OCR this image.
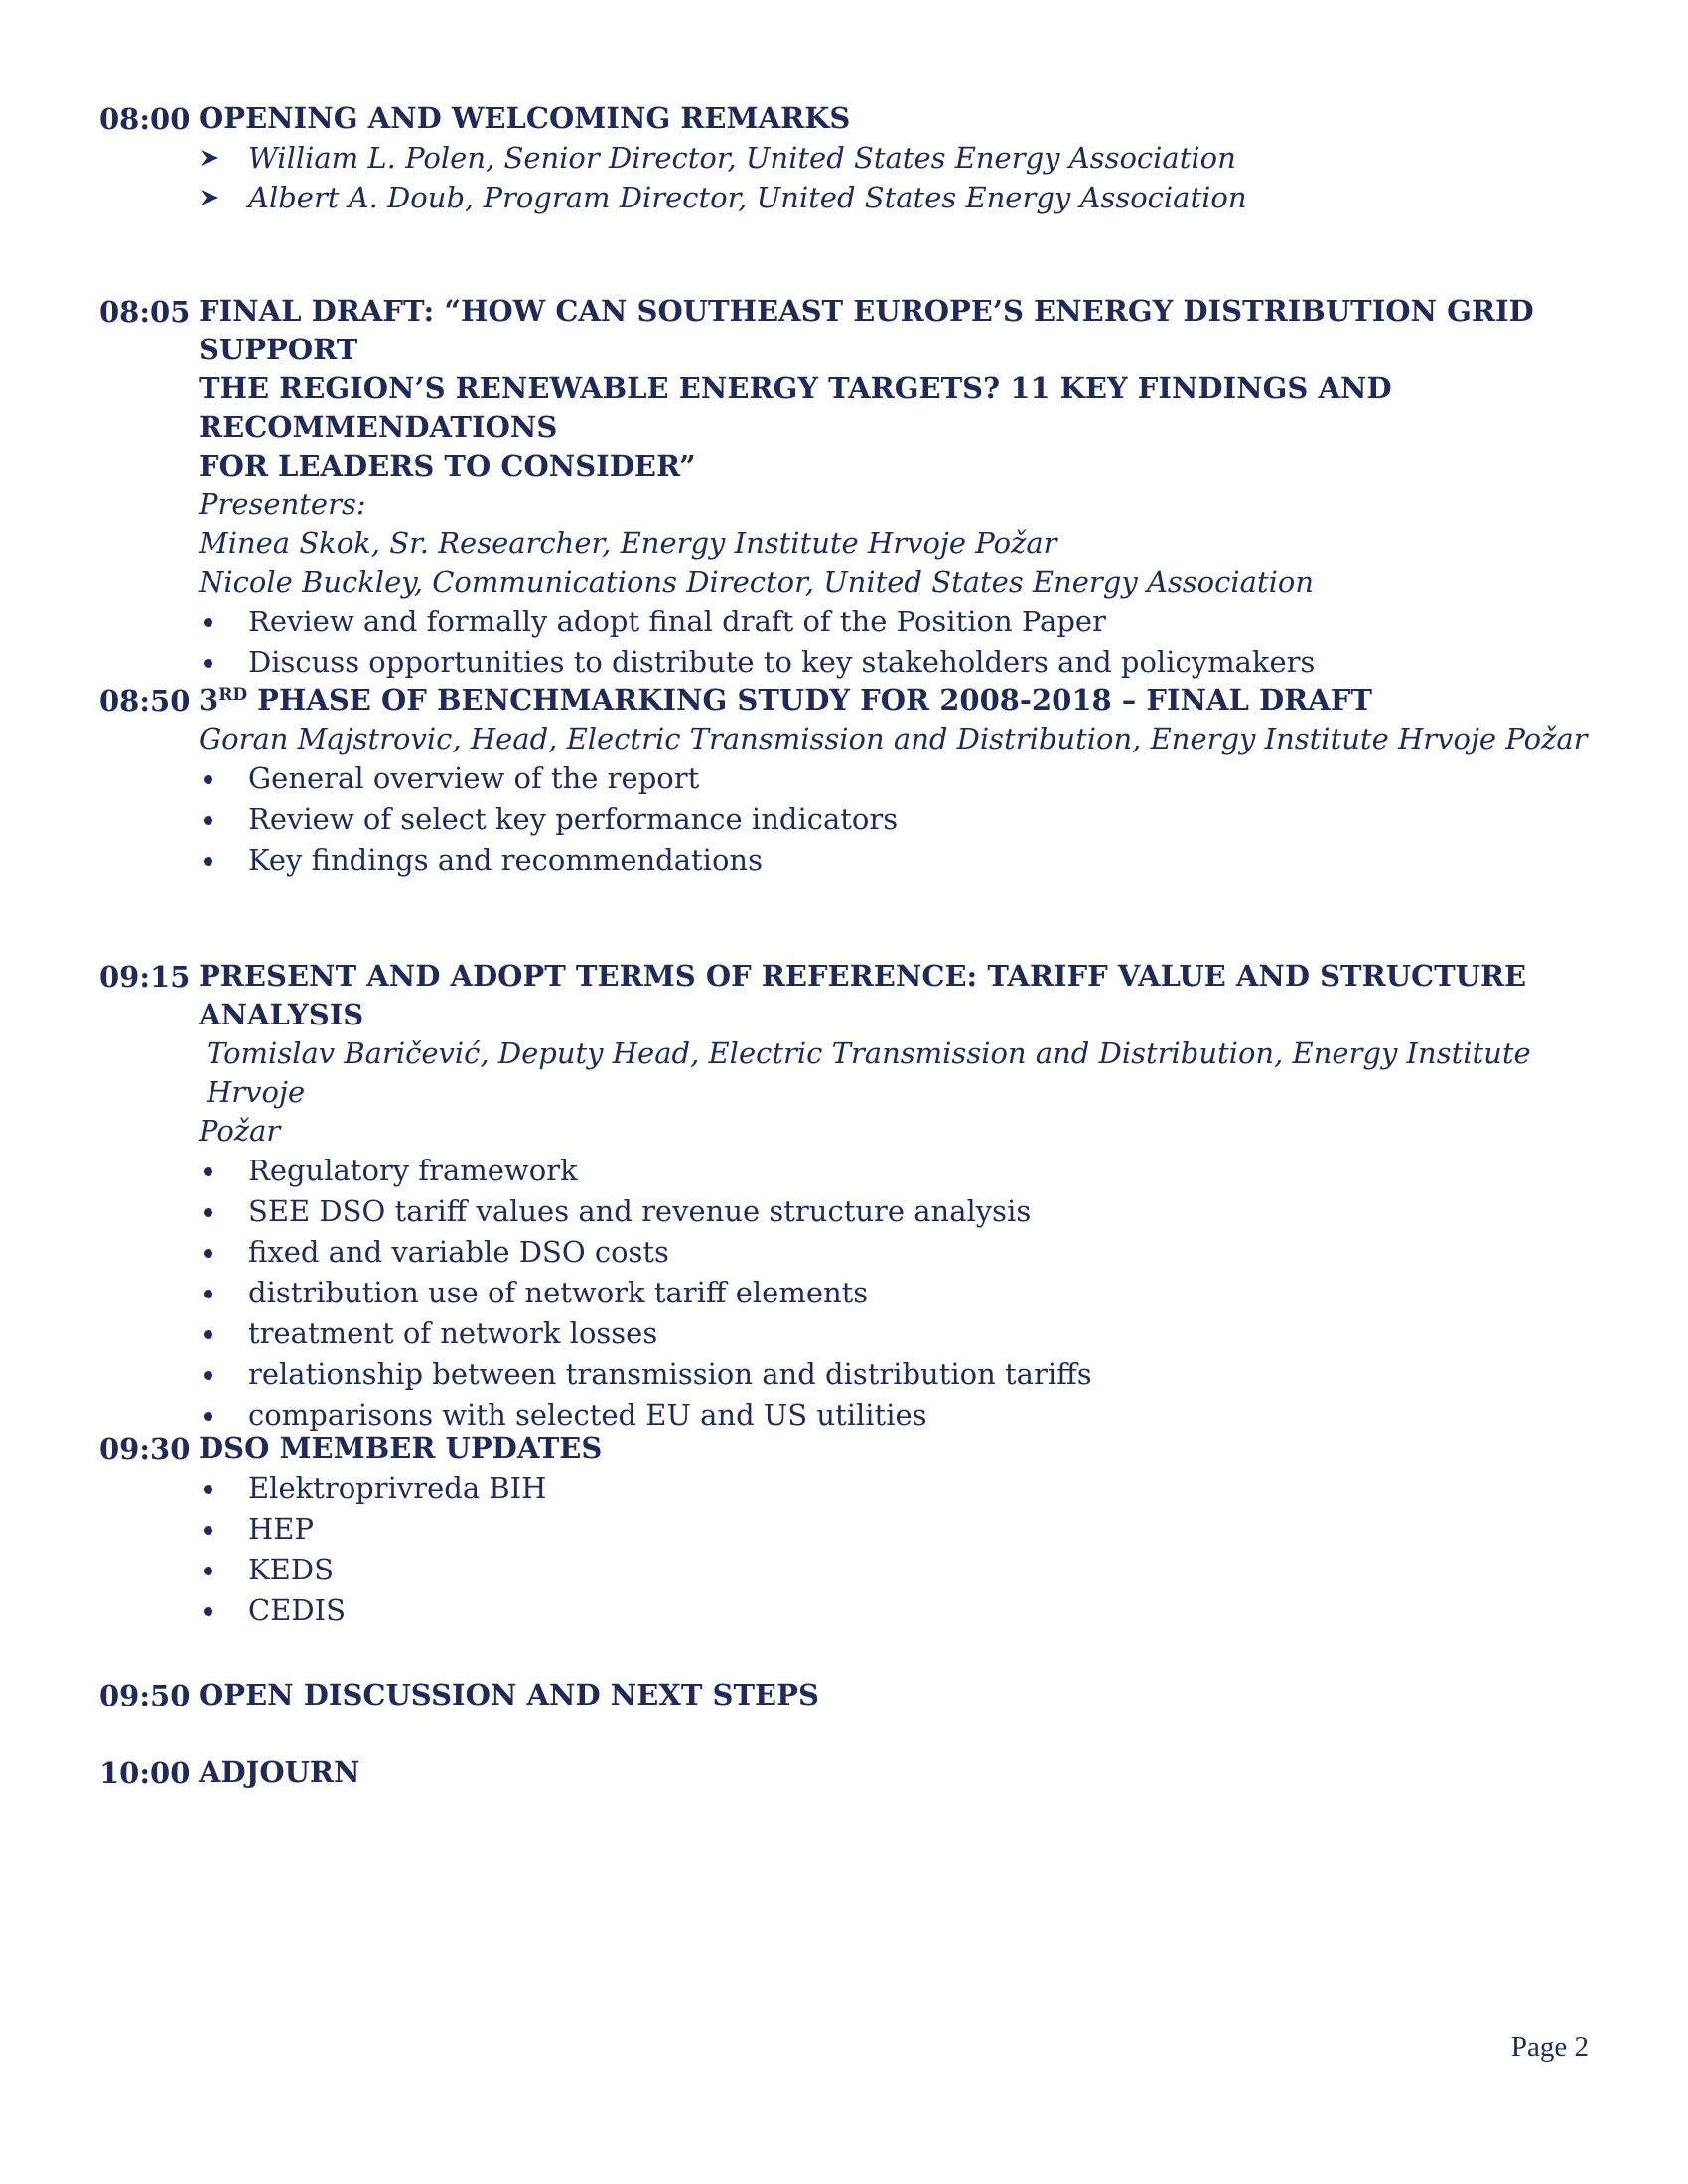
08:00 OPENING AND WELCOMING REMARKS
William L. Polen, Senior Director, United States Energy Association
Albert A. Doub, Program Director, United States Energy Association
08:05 FINAL DRAFT: “HOW CAN SOUTHEAST EUROPE’S ENERGY DISTRIBUTION GRID SUPPORT
THE REGION’S RENEWABLE ENERGY TARGETS? 11 KEY FINDINGS AND RECOMMENDATIONS
FOR LEADERS TO CONSIDER”
Presenters:
Minea Skok, Sr. Researcher, Energy Institute Hrvoje Požar
Nicole Buckley, Communications Director, United States Energy Association
Review and formally adopt final draft of the Position Paper
Discuss opportunities to distribute to key stakeholders and policymakers
08:50 3RD PHASE OF BENCHMARKING STUDY FOR 2008-2018 – FINAL DRAFT
Goran Majstrovic, Head, Electric Transmission and Distribution, Energy Institute Hrvoje Požar
General overview of the report
Review of select key performance indicators
Key findings and recommendations
09:15 PRESENT AND ADOPT TERMS OF REFERENCE: TARIFF VALUE AND STRUCTURE ANALYSIS
Tomislav Baričević, Deputy Head, Electric Transmission and Distribution, Energy Institute Hrvoje
Požar
Regulatory framework
SEE DSO tariff values and revenue structure analysis
fixed and variable DSO costs
distribution use of network tariff elements
treatment of network losses
relationship between transmission and distribution tariffs
comparisons with selected EU and US utilities
09:30 DSO MEMBER UPDATES
Elektroprivreda BIH
HEP
KEDS
CEDIS
09:50 OPEN DISCUSSION AND NEXT STEPS
10:00 ADJOURN
Page 2
